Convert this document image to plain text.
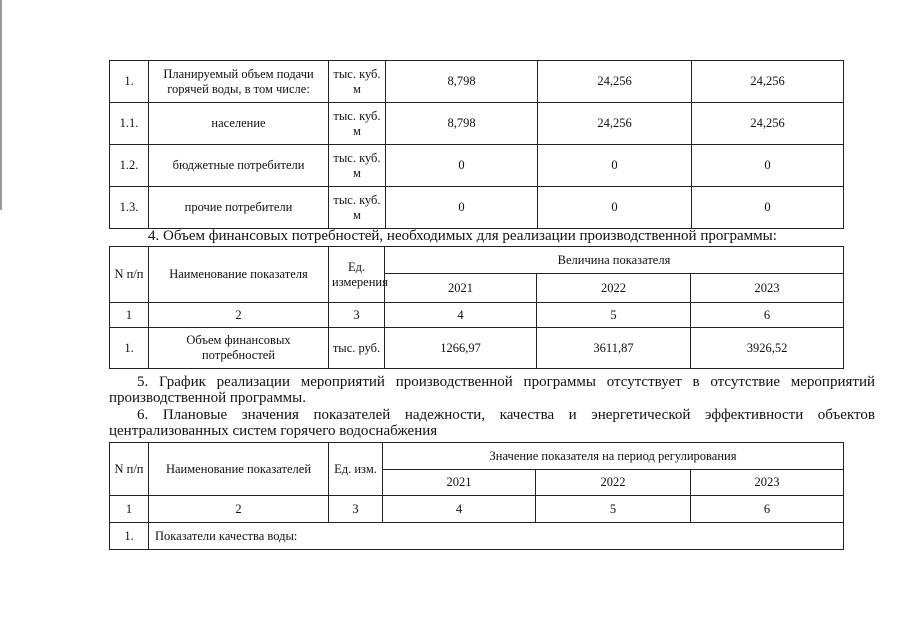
1.	Планируемый объем подачи горячей воды, в том числе:	тыс. куб. м	8,798	24,256	24,256
1.1.	население	тыс. куб. м	8,798	24,256	24,256
1.2.	бюджетные потребители	тыс. куб. м	0	0	0
1.3.	прочие потребители	тыс. куб. м	0	0	0

4. Объем финансовых потребностей, необходимых для реализации производственной программы:

N п/п	Наименование показателя	Ед. измерения	Величина показателя		
			2021	2022	2023
1	2	3	4	5	6
1.	Объем финансовых потребностей	тыс. руб.	1266,97	3611,87	3926,52

5. График реализации мероприятий производственной программы отсутствует в отсутствие мероприятий

производственной программы.

6. Плановые значения показателей надежности, качества и энергетической эффективности объектов

централизованных систем горячего водоснабжения

N п/п	Наименование показателей	Ед. изм.	Значение показателя на период регулирования		
			2021	2022	2023
1	2	3	4	5	6
1.	Показатели качества воды:				
